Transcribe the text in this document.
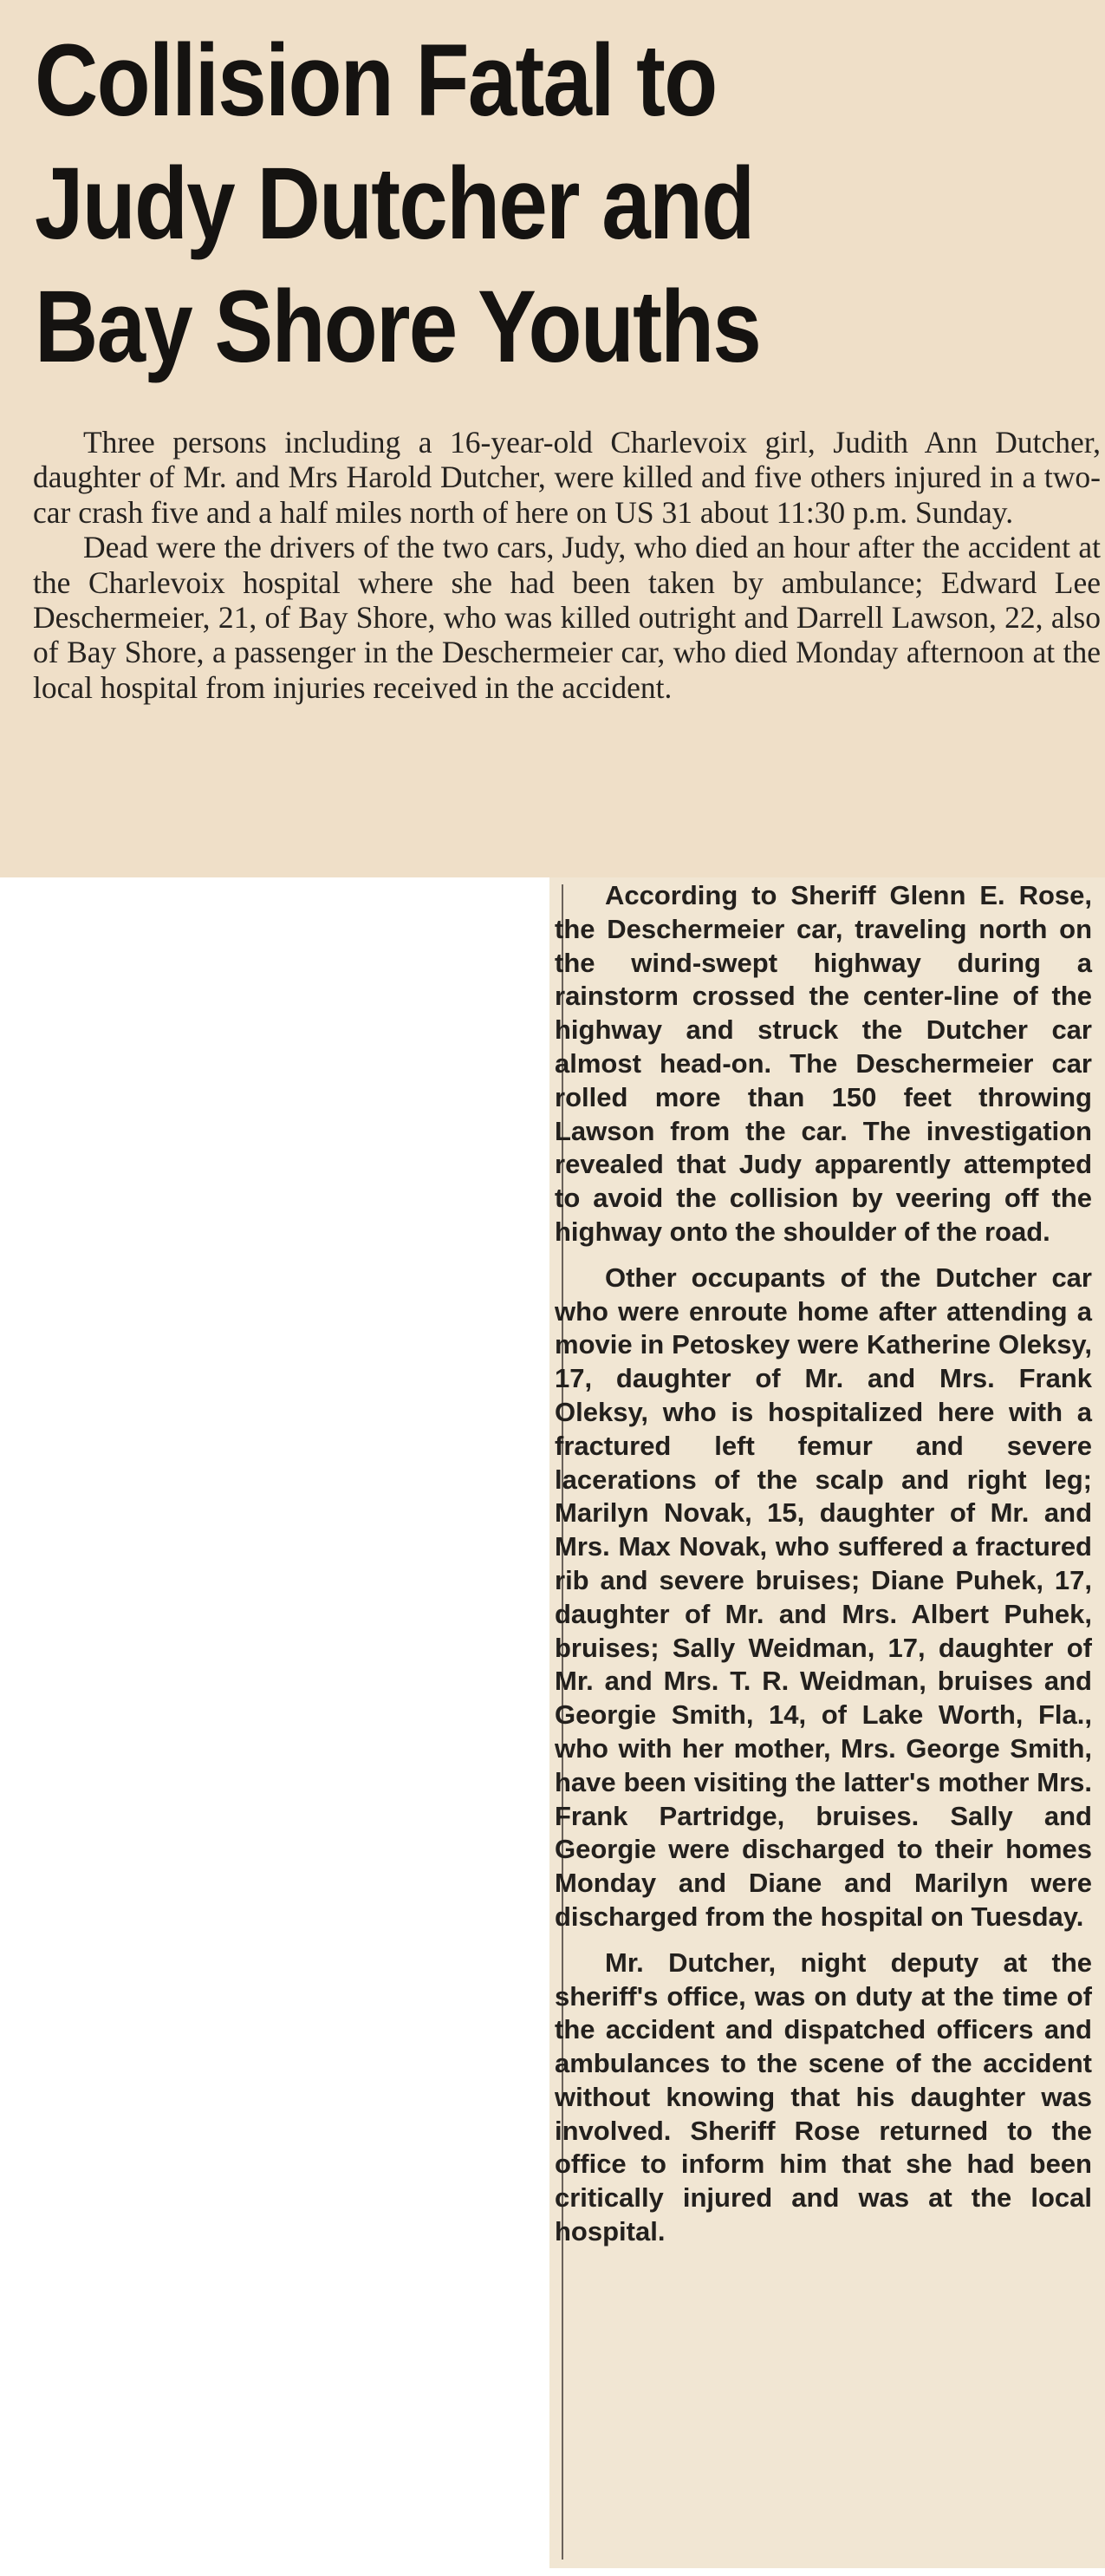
Collision Fatal to
Judy Dutcher and
Bay Shore Youths

Three persons including a 16-year-old Charlevoix girl, Judith Ann Dutcher, daughter of Mr. and Mrs Harold Dutcher, were killed and five others injured in a two-car crash five and a half miles north of here on US 31 about 11:30 p.m. Sunday.

Dead were the drivers of the two cars, Judy, who died an hour after the accident at the Charlevoix hospital where she had been taken by ambulance; Edward Lee Deschermeier, 21, of Bay Shore, who was killed outright and Darrell Lawson, 22, also of Bay Shore, a passenger in the Deschermeier car, who died Monday afternoon at the local hospital from injuries received in the accident.

According to Sheriff Glenn E. Rose, the Deschermeier car, traveling north on the wind-swept highway during a rainstorm crossed the center-line of the highway and struck the Dutcher car almost head-on. The Deschermeier car rolled more than 150 feet throwing Lawson from the car. The investigation revealed that Judy apparently attempted to avoid the collision by veering off the highway onto the shoulder of the road.

Other occupants of the Dutcher car who were enroute home after attending a movie in Petoskey were Katherine Oleksy, 17, daughter of Mr. and Mrs. Frank Oleksy, who is hospitalized here with a fractured left femur and severe lacerations of the scalp and right leg; Marilyn Novak, 15, daughter of Mr. and Mrs. Max Novak, who suffered a fractured rib and severe bruises; Diane Puhek, 17, daughter of Mr. and Mrs. Albert Puhek, bruises; Sally Weidman, 17, daughter of Mr. and Mrs. T. R. Weidman, bruises and Georgie Smith, 14, of Lake Worth, Fla., who with her mother, Mrs. George Smith, have been visiting the latter's mother Mrs. Frank Partridge, bruises. Sally and Georgie were discharged to their homes Monday and Diane and Marilyn were discharged from the hospital on Tuesday.

Mr. Dutcher, night deputy at the sheriff's office, was on duty at the time of the accident and dispatched officers and ambulances to the scene of the accident without knowing that his daughter was involved. Sheriff Rose returned to the office to inform him that she had been critically injured and was at the local hospital.
